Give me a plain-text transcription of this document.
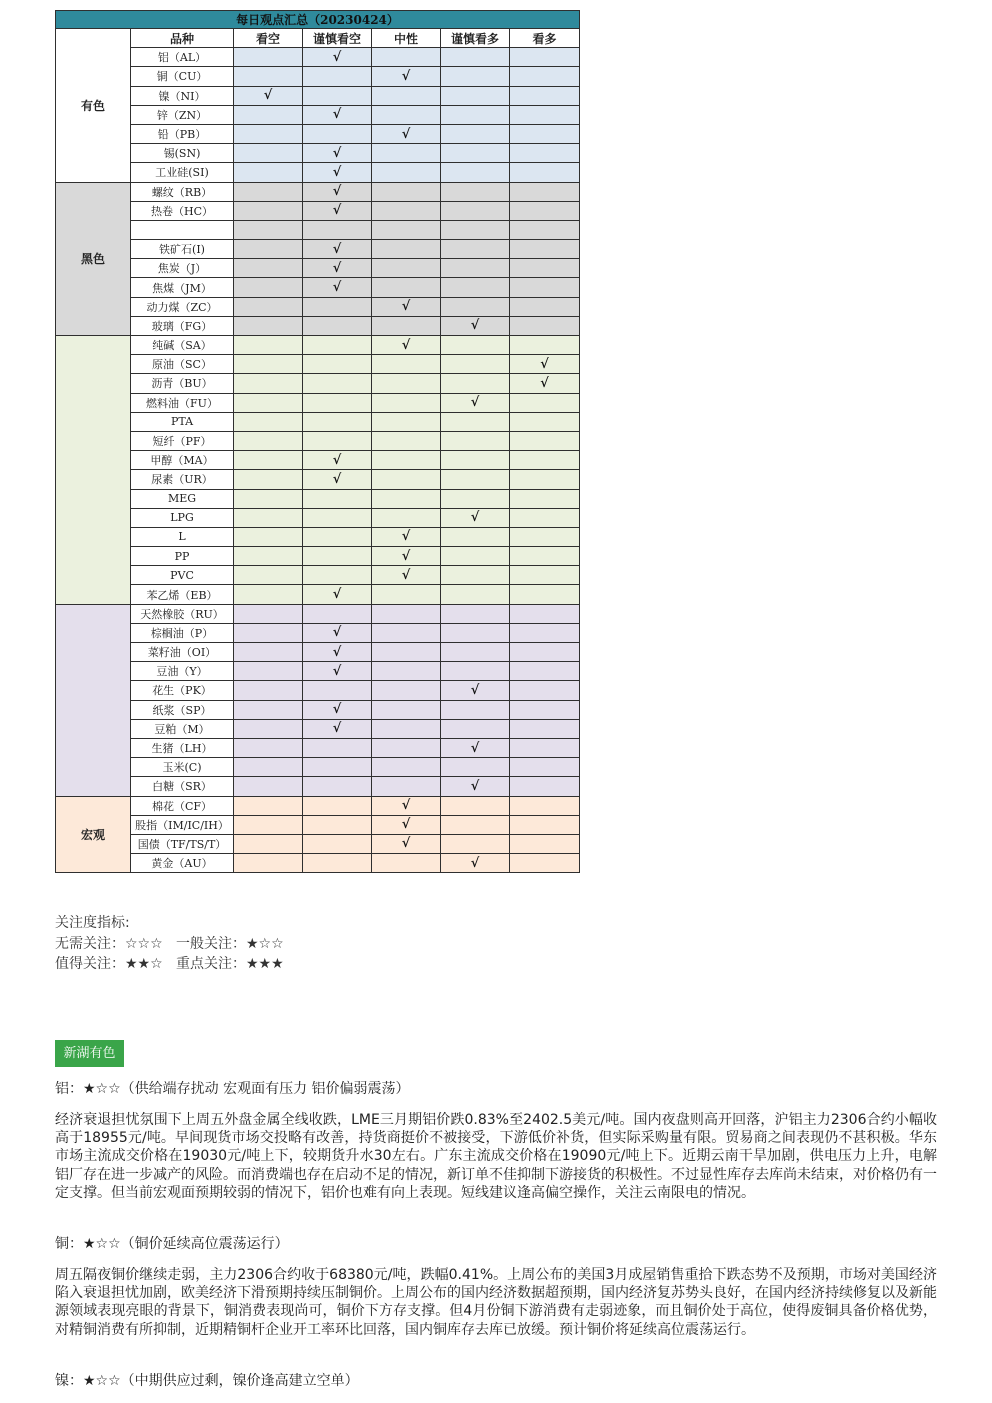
每日观点汇总（20230424）						
有色	品种	看空	谨慎看空	中性	谨慎看多	看多
	铝（AL）		√			
	铜（CU）			√		
	镍（NI）	√				
	锌（ZN）		√			
	铅（PB）			√		
	锡(SN)		√			
	工业硅(SI)		√			
黑色	螺纹（RB）		√			
	热卷（HC）		√			

	铁矿石(I)		√			
	焦炭（J）		√			
	焦煤（JM）		√			
	动力煤（ZC）			√		
	玻璃（FG）				√	
	纯碱（SA）			√		
	原油（SC）					√
	沥青（BU）					√
	燃料油（FU）				√	
	PTA					
	短纤（PF）					
	甲醇（MA）		√			
	尿素（UR）		√			
	MEG					
	LPG				√	
	L			√		
	PP			√		
	PVC			√		
	苯乙烯（EB）		√			
	天然橡胶（RU）					
	棕榈油（P）		√			
	菜籽油（OI）		√			
	豆油（Y）		√			
	花生（PK）				√	
	纸浆（SP）		√			
	豆粕（M）		√			
	生猪（LH）				√	
	玉米(C)					
	白糖（SR）				√	
宏观	棉花（CF）			√		
	股指（IM/IC/IH）			√		
	国债（TF/TS/T）			√		
	黄金（AU）				√	
关注度指标:
无需关注：☆☆☆   一般关注：★☆☆
值得关注：★★☆   重点关注：★★★
新湖有色
铝：★☆☆（供给端存扰动 宏观面有压力 铝价偏弱震荡）
经济衰退担忧氛围下上周五外盘金属全线收跌，LME三月期铝价跌0.83%至2402.5美元/吨。国内夜盘则高开回落，沪铝主力2306合约小幅收高于18955元/吨。早间现货市场交投略有改善，持货商挺价不被接受，下游低价补货，但实际采购量有限。贸易商之间表现仍不甚积极。华东市场主流成交价格在19030元/吨上下，较期货升水30左右。广东主流成交价格在19090元/吨上下。近期云南干旱加剧，供电压力上升，电解铝厂存在进一步减产的风险。而消费端也存在启动不足的情况，新订单不佳抑制下游接货的积极性。不过显性库存去库尚未结束，对价格仍有一定支撑。但当前宏观面预期较弱的情况下，铝价也难有向上表现。短线建议逢高偏空操作，关注云南限电的情况。
铜：★☆☆（铜价延续高位震荡运行）
周五隔夜铜价继续走弱，主力2306合约收于68380元/吨，跌幅0.41%。上周公布的美国3月成屋销售重拾下跌态势不及预期，市场对美国经济陷入衰退担忧加剧，欧美经济下滑预期持续压制铜价。上周公布的国内经济数据超预期，国内经济复苏势头良好，在国内经济持续修复以及新能源领域表现亮眼的背景下，铜消费表现尚可，铜价下方存支撑。但4月份铜下游消费有走弱迹象，而且铜价处于高位，使得废铜具备价格优势，对精铜消费有所抑制，近期精铜杆企业开工率环比回落，国内铜库存去库已放缓。预计铜价将延续高位震荡运行。
镍：★☆☆（中期供应过剩，镍价逢高建立空单）
